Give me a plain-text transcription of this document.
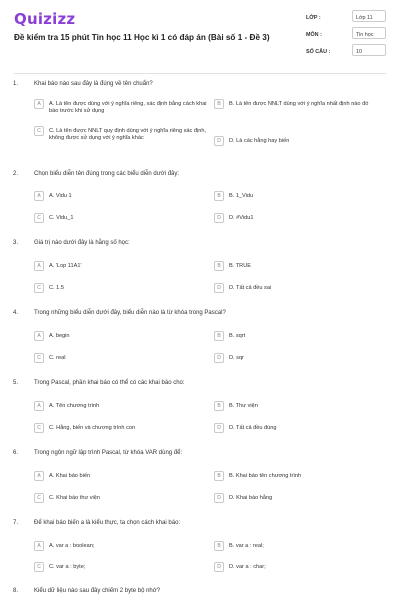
Quizizz
Đề kiểm tra 15 phút Tin học 11 Học kì 1 có đáp án (Bài số 1 - Đề 3)
LỚP :	Lớp 11
MÔN :	Tin học
SỐ CÂU :	10
1.	Khai báo nào sau đây là đúng về tên chuẩn?
A	A. Là tên được dùng với ý nghĩa riêng, xác định bằng cách khai báo trước khi sử dụng
B	B. Là tên được NNLT dùng với ý nghĩa nhất định nào đó
C	C. Là tên được NNLT quy định dùng với ý nghĩa riêng xác định, không được sử dụng với ý nghĩa khác
D	D. Là các hằng hay biến
2.	Chọn biểu diễn tên đúng trong các biểu diễn dưới đây:
A	A. Vidu 1	B	B. 1_Vidu
C	C. Vidu_1	D	D. #Vidu1
3.	Giá trị nào dưới đây là hằng số học:
A	A. 'Lop 11A1'	B	B. TRUE
C	C. 1.5	D	D. Tất cả đều sai
4.	Trong những biểu diễn dưới đây, biểu diễn nào là từ khóa trong Pascal?
A	A. begin	B	B. sqrt
C	C. real	D	D. sqr
5.	Trong Pascal, phần khai báo có thể có các khai báo cho:
A	A. Tên chương trình	B	B. Thư viện
C	C. Hằng, biến và chương trình con	D	D. Tất cả đều đúng
6.	Trong ngôn ngữ lập trình Pascal, từ khóa VAR dùng để:
A	A. Khai báo biến	B	B. Khai báo tên chương trình
C	C. Khai báo thư viện	D	D. Khai báo hằng
7.	Để khai báo biến a là kiểu thực, ta chọn cách khai báo:
A	A. var a : boolean;	B	B. var a : real;
C	C. var a : byte;	D	D. var a : char;
8.	Kiểu dữ liệu nào sau đây chiếm 2 byte bộ nhớ?
